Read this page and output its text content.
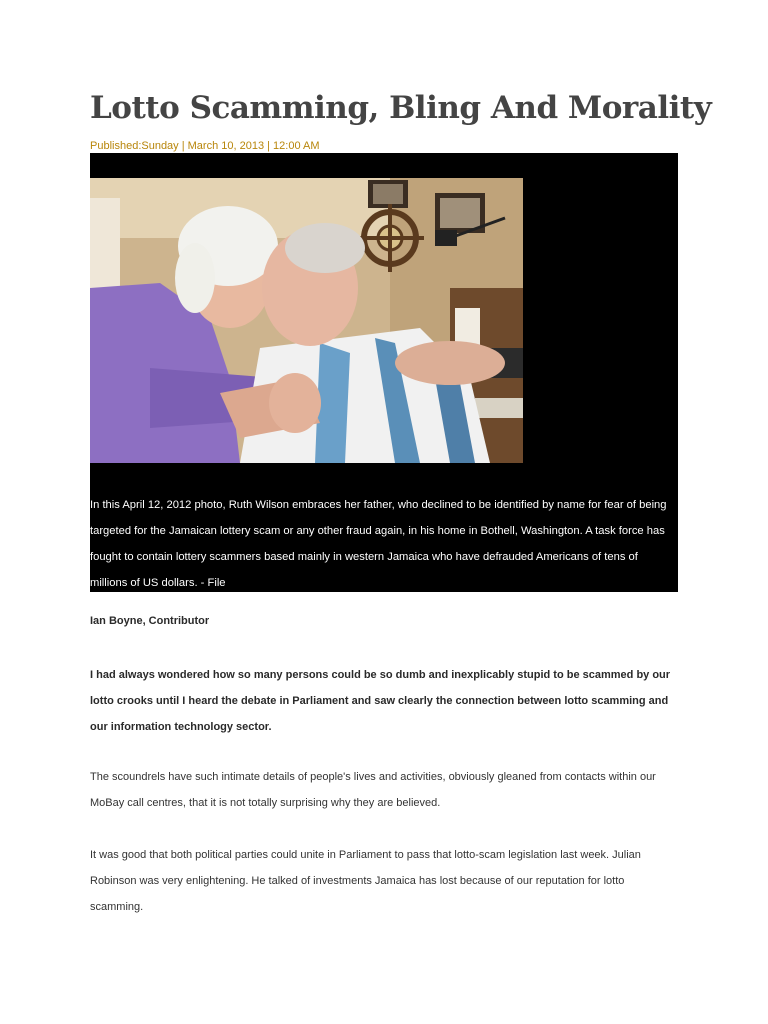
Lotto Scamming, Bling And Morality
Published:Sunday | March 10, 2013 | 12:00 AM
In this April 12, 2012 photo, Ruth Wilson embraces her father, who declined to be identified by name for fear of being targeted for the Jamaican lottery scam or any other fraud again, in his home in Bothell, Washington. A task force has fought to contain lottery scammers based mainly in western Jamaica who have defrauded Americans of tens of millions of US dollars. - File
Ian Boyne, Contributor

I had always wondered how so many persons could be so dumb and inexplicably stupid to be scammed by our lotto crooks until I heard the debate in Parliament and saw clearly the connection between lotto scamming and our information technology sector.

The scoundrels have such intimate details of people's lives and activities, obviously gleaned from contacts within our MoBay call centres, that it is not totally surprising why they are believed.

It was good that both political parties could unite in Parliament to pass that lotto-scam legislation last week. Julian Robinson was very enlightening. He talked of investments Jamaica has lost because of our reputation for lotto scamming.
